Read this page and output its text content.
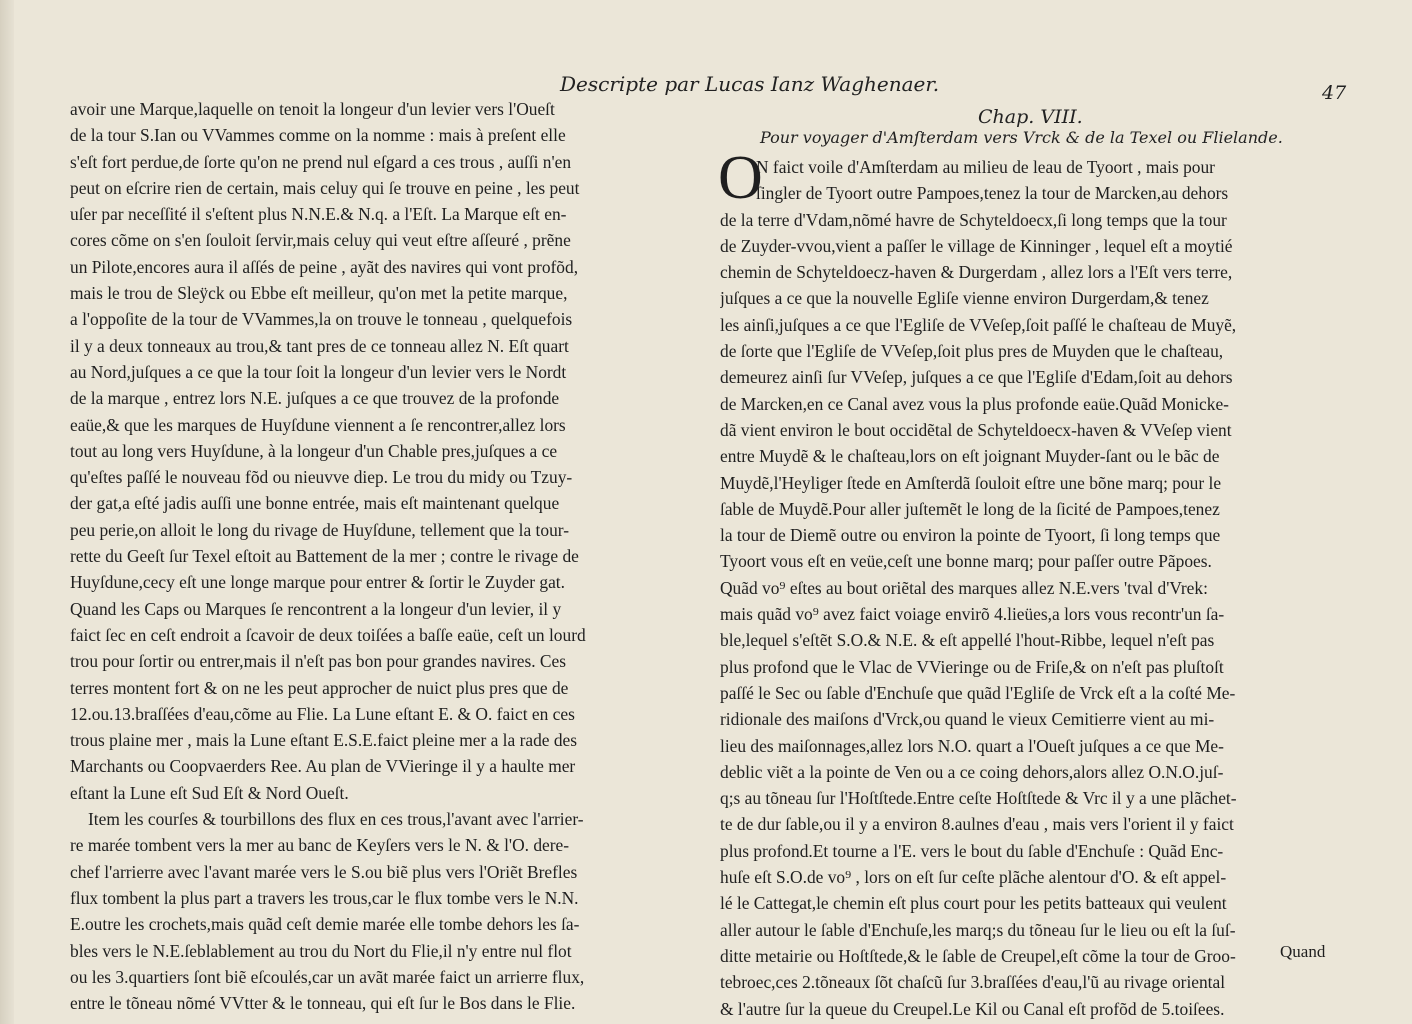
Descripte par Lucas Ianz Waghenaer.	47
avoir une Marque,laquelle on tenoit la longeur d'un levier vers l'Oueſt
de la tour S.Ian ou VVammes comme on la nomme : mais à preſent elle
s'eſt fort perdue,de ſorte qu'on ne prend nul eſgard a ces trous , auſſi n'en
peut on eſcrire rien de certain, mais celuy qui ſe trouve en peine , les peut
uſer par neceſſité il s'eſtent plus N.N.E.& N.q. a l'Eſt. La Marque eſt en-
cores cõme on s'en ſouloit ſervir,mais celuy qui veut eſtre aſſeuré , prẽne
un Pilote,encores aura il aſſés de peine , ayãt des navires qui vont profõd,
mais le trou de Sleÿck ou Ebbe eſt meilleur, qu'on met la petite marque,
a l'oppoſite de la tour de VVammes,la on trouve le tonneau , quelquefois
il y a deux tonneaux au trou,& tant pres de ce tonneau allez N. Eſt quart
au Nord,juſques a ce que la tour ſoit la longeur d'un levier vers le Nordt
de la marque , entrez lors N.E. juſques a ce que trouvez de la profonde
eaüe,& que les marques de Huyſdune viennent a ſe rencontrer,allez lors
tout au long vers Huyſdune, à la longeur d'un Chable pres,juſques a ce
qu'eſtes paſſé le nouveau fõd ou nieuvve diep. Le trou du midy ou Tzuy-
der gat,a eſté jadis auſſi une bonne entrée, mais eſt maintenant quelque
peu perie,on alloit le long du rivage de Huyſdune, tellement que la tour-
rette du Geeſt ſur Texel eſtoit au Battement de la mer ; contre le rivage de
Huyſdune,cecy eſt une longe marque pour entrer & ſortir le Zuyder gat.
Quand les Caps ou Marques ſe rencontrent a la longeur d'un levier, il y
faict ſec en ceſt endroit a ſcavoir de deux toiſées a baſſe eaüe, ceſt un lourd
trou pour ſortir ou entrer,mais il n'eſt pas bon pour grandes navires. Ces
terres montent fort & on ne les peut approcher de nuict plus pres que de
12.ou.13.braſſées d'eau,cõme au Flie. La Lune eſtant E. & O. faict en ces
trous plaine mer , mais la Lune eſtant E.S.E.faict pleine mer a la rade des
Marchants ou Coopvaerders Ree. Au plan de VVieringe il y a haulte mer
eſtant la Lune eſt Sud Eſt & Nord Oueſt.
Item les courſes & tourbillons des flux en ces trous,l'avant avec l'arrier-
re marée tombent vers la mer au banc de Keyſers vers le N. & l'O. dere-
chef l'arrierre avec l'avant marée vers le S.ou biẽ plus vers l'Oriẽt Brefles
flux tombent la plus part a travers les trous,car le flux tombe vers le N.N.
E.outre les crochets,mais quãd ceſt demie marée elle tombe dehors les ſa-
bles vers le N.E.ſeblablement au trou du Nort du Flie,il n'y entre nul flot
ou les 3.quartiers ſont biẽ eſcoulés,car un avãt marée faict un arrierre flux,
entre le tõneau nõmé VVtter & le tonneau, qui eſt ſur le Bos dans le Flie.
Chap. VIII.
Pour voyager d'Amſterdam vers Vrck & de la Texel ou Flielande.
O
N faict voile d'Amſterdam au milieu de leau de Tyoort , mais pour
ſingler de Tyoort outre Pampoes,tenez la tour de Marcken,au dehors
de la terre d'Vdam,nõmé havre de Schyteldoecx,ſi long temps que la tour
de Zuyder-vvou,vient a paſſer le village de Kinninger , lequel eſt a moytié
chemin de Schyteldoecz-haven & Durgerdam , allez lors a l'Eſt vers terre,
juſques a ce que la nouvelle Egliſe vienne environ Durgerdam,& tenez
les ainſi,juſques a ce que l'Egliſe de VVeſep,ſoit paſſé le chaſteau de Muyẽ,
de ſorte que l'Egliſe de VVeſep,ſoit plus pres de Muyden que le chaſteau,
demeurez ainſi ſur VVeſep, juſques a ce que l'Egliſe d'Edam,ſoit au dehors
de Marcken,en ce Canal avez vous la plus profonde eaüe.Quãd Monicke-
dã vient environ le bout occidẽtal de Schyteldoecx-haven & VVeſep vient
entre Muydẽ & le chaſteau,lors on eſt joignant Muyder-ſant ou le bãc de
Muydẽ,l'Heyliger ſtede en Amſterdã ſouloit eſtre une bõne marq; pour le
ſable de Muydẽ.Pour aller juſtemẽt le long de la ſicité de Pampoes,tenez
la tour de Diemẽ outre ou environ la pointe de Tyoort, ſi long temps que
Tyoort vous eſt en veüe,ceſt une bonne marq; pour paſſer outre Pãpoes.
Quãd vo⁹ eſtes au bout oriẽtal des marques allez N.E.vers 'tval d'Vrek:
mais quãd vo⁹ avez faict voiage envirõ 4.lieües,a lors vous recontr'un ſa-
ble,lequel s'eſtẽt S.O.& N.E. & eſt appellé l'hout-Ribbe, lequel n'eſt pas
plus profond que le Vlac de VVieringe ou de Friſe,& on n'eſt pas pluſtoſt
paſſé le Sec ou ſable d'Enchuſe que quãd l'Egliſe de Vrck eſt a la coſté Me-
ridionale des maiſons d'Vrck,ou quand le vieux Cemitierre vient au mi-
lieu des maiſonnages,allez lors N.O. quart a l'Oueſt juſques a ce que Me-
deblic viẽt a la pointe de Ven ou a ce coing dehors,alors allez O.N.O.juſ-
q;s au tõneau ſur l'Hoſtſtede.Entre ceſte Hoſtſtede & Vrc il y a une plãchet-
te de dur ſable,ou il y a environ 8.aulnes d'eau , mais vers l'orient il y faict
plus profond.Et tourne a l'E. vers le bout du ſable d'Enchuſe : Quãd Enc-
huſe eſt S.O.de vo⁹ , lors on eſt ſur ceſte plãche alentour d'O. & eſt appel-
lé le Cattegat,le chemin eſt plus court pour les petits batteaux qui veulent
aller autour le ſable d'Enchuſe,les marq;s du tõneau ſur le lieu ou eſt la ſuſ-
ditte metairie ou Hoſtſtede,& le ſable de Creupel,eſt cõme la tour de Groo-
tebroec,ces 2.tõneaux ſõt chaſcũ ſur 3.braſſées d'eau,l'ũ au rivage oriental
& l'autre ſur la queue du Creupel.Le Kil ou Canal eſt profõd de 5.toiſees.
Quand
